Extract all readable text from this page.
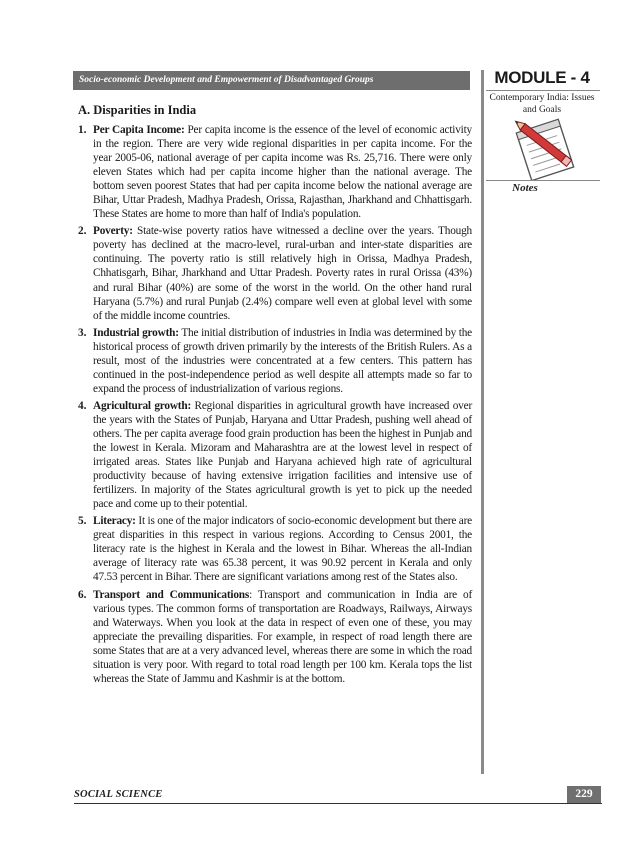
Socio-economic Development and Empowerment of Disadvantaged Groups	MODULE - 4
Contemporary India: Issues
and Goals
Notes
A. Disparities in India
1. Per Capita Income: Per capita income is the essence of the level of economic activity in the region. There are very wide regional disparities in per capita income. For the year 2005-06, national average of per capita income was Rs. 25,716. There were only eleven States which had per capita income higher than the national average. The bottom seven poorest States that had per capita income below the national average are Bihar, Uttar Pradesh, Madhya Pradesh, Orissa, Rajasthan, Jharkhand and Chhattisgarh. These States are home to more than half of India's population.
2. Poverty: State-wise poverty ratios have witnessed a decline over the years. Though poverty has declined at the macro-level, rural-urban and inter-state disparities are continuing. The poverty ratio is still relatively high in Orissa, Madhya Pradesh, Chhatisgarh, Bihar, Jharkhand and Uttar Pradesh. Poverty rates in rural Orissa (43%) and rural Bihar (40%) are some of the worst in the world. On the other hand rural Haryana (5.7%) and rural Punjab (2.4%) compare well even at global level with some of the middle income countries.
3. Industrial growth: The initial distribution of industries in India was determined by the historical process of growth driven primarily by the interests of the British Rulers. As a result, most of the industries were concentrated at a few centers. This pattern has continued in the post-independence period as well despite all attempts made so far to expand the process of industrialization of various regions.
4. Agricultural growth: Regional disparities in agricultural growth have increased over the years with the States of Punjab, Haryana and Uttar Pradesh, pushing well ahead of others. The per capita average food grain production has been the highest in Punjab and the lowest in Kerala. Mizoram and Maharashtra are at the lowest level in respect of irrigated areas. States like Punjab and Haryana achieved high rate of agricultural productivity because of having extensive irrigation facilities and intensive use of fertilizers. In majority of the States agricultural growth is yet to pick up the needed pace and come up to their potential.
5. Literacy: It is one of the major indicators of socio-economic development but there are great disparities in this respect in various regions. According to Census 2001, the literacy rate is the highest in Kerala and the lowest in Bihar. Whereas the all-Indian average of literacy rate was 65.38 percent, it was 90.92 percent in Kerala and only 47.53 percent in Bihar. There are significant variations among rest of the States also.
6. Transport and Communications: Transport and communication in India are of various types. The common forms of transportation are Roadways, Railways, Airways and Waterways. When you look at the data in respect of even one of these, you may appreciate the prevailing disparities. For example, in respect of road length there are some States that are at a very advanced level, whereas there are some in which the road situation is very poor. With regard to total road length per 100 km. Kerala tops the list whereas the State of Jammu and Kashmir is at the bottom.
SOCIAL SCIENCE	229
